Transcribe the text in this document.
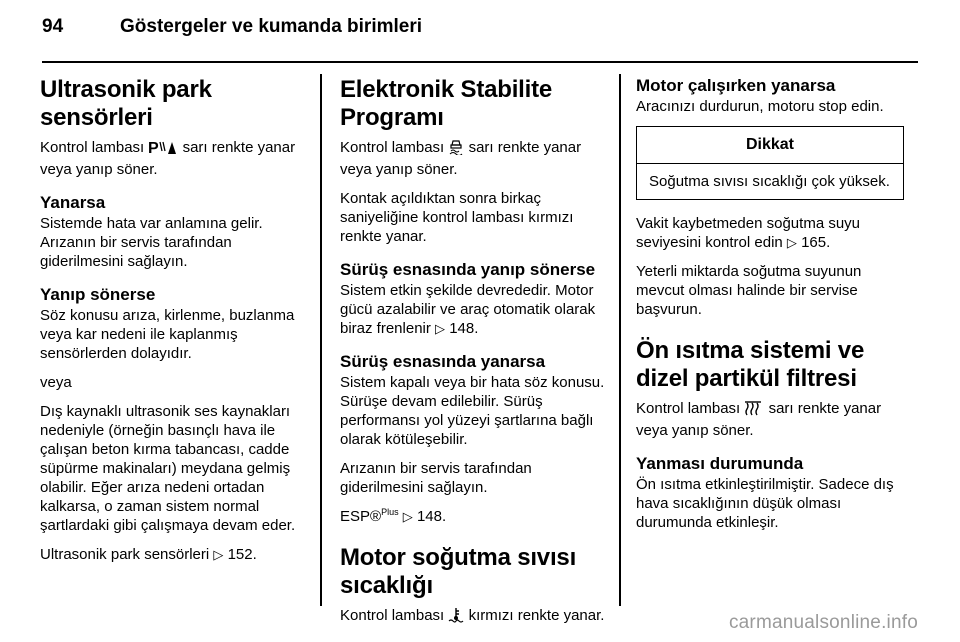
94	Göstergeler ve kumanda birimleri
Ultrasonik park sensörleri

Kontrol lambası P sarı renkte yanar veya yanıp söner.

Yanarsa

Sistemde hata var anlamına gelir. Arızanın bir servis tarafından giderilmesini sağlayın.

Yanıp sönerse

Söz konusu arıza, kirlenme, buzlanma veya kar nedeni ile kaplanmış sensörlerden dolayıdır.

veya

Dış kaynaklı ultrasonik ses kaynakları nedeniyle (örneğin basınçlı hava ile çalışan beton kırma tabancası, cadde süpürme makinaları) meydana gelmiş olabilir. Eğer arıza nedeni ortadan kalkarsa, o zaman sistem normal şartlardaki gibi çalışmaya devam eder.

Ultrasonik park sensörleri ▷ 152.

Elektronik Stabilite Programı

Kontrol lambası sarı renkte yanar veya yanıp söner.

Kontak açıldıktan sonra birkaç saniyeliğine kontrol lambası kırmızı renkte yanar.

Sürüş esnasında yanıp sönerse

Sistem etkin şekilde devrededir. Motor gücü azalabilir ve araç otomatik olarak biraz frenlenir ▷ 148.

Sürüş esnasında yanarsa

Sistem kapalı veya bir hata söz konusu. Sürüşe devam edilebilir. Sürüş performansı yol yüzeyi şartlarına bağlı olarak kötüleşebilir.

Arızanın bir servis tarafından giderilmesini sağlayın.

ESP®$^{Plus}$ ▷ 148.

Motor soğutma sıvısı sıcaklığı

Kontrol lambası kırmızı renkte yanar.

Motor çalışırken yanarsa

Aracınızı durdurun, motoru stop edin.

Dikkat
Soğutma sıvısı sıcaklığı çok yüksek.

Vakit kaybetmeden soğutma suyu seviyesini kontrol edin ▷ 165.

Yeterli miktarda soğutma suyunun mevcut olması halinde bir servise başvurun.

Ön ısıtma sistemi ve dizel partikül filtresi

Kontrol lambası sarı renkte yanar veya yanıp söner.

Yanması durumunda

Ön ısıtma etkinleştirilmiştir. Sadece dış hava sıcaklığının düşük olması durumunda etkinleşir.

carmanualsonline.info
